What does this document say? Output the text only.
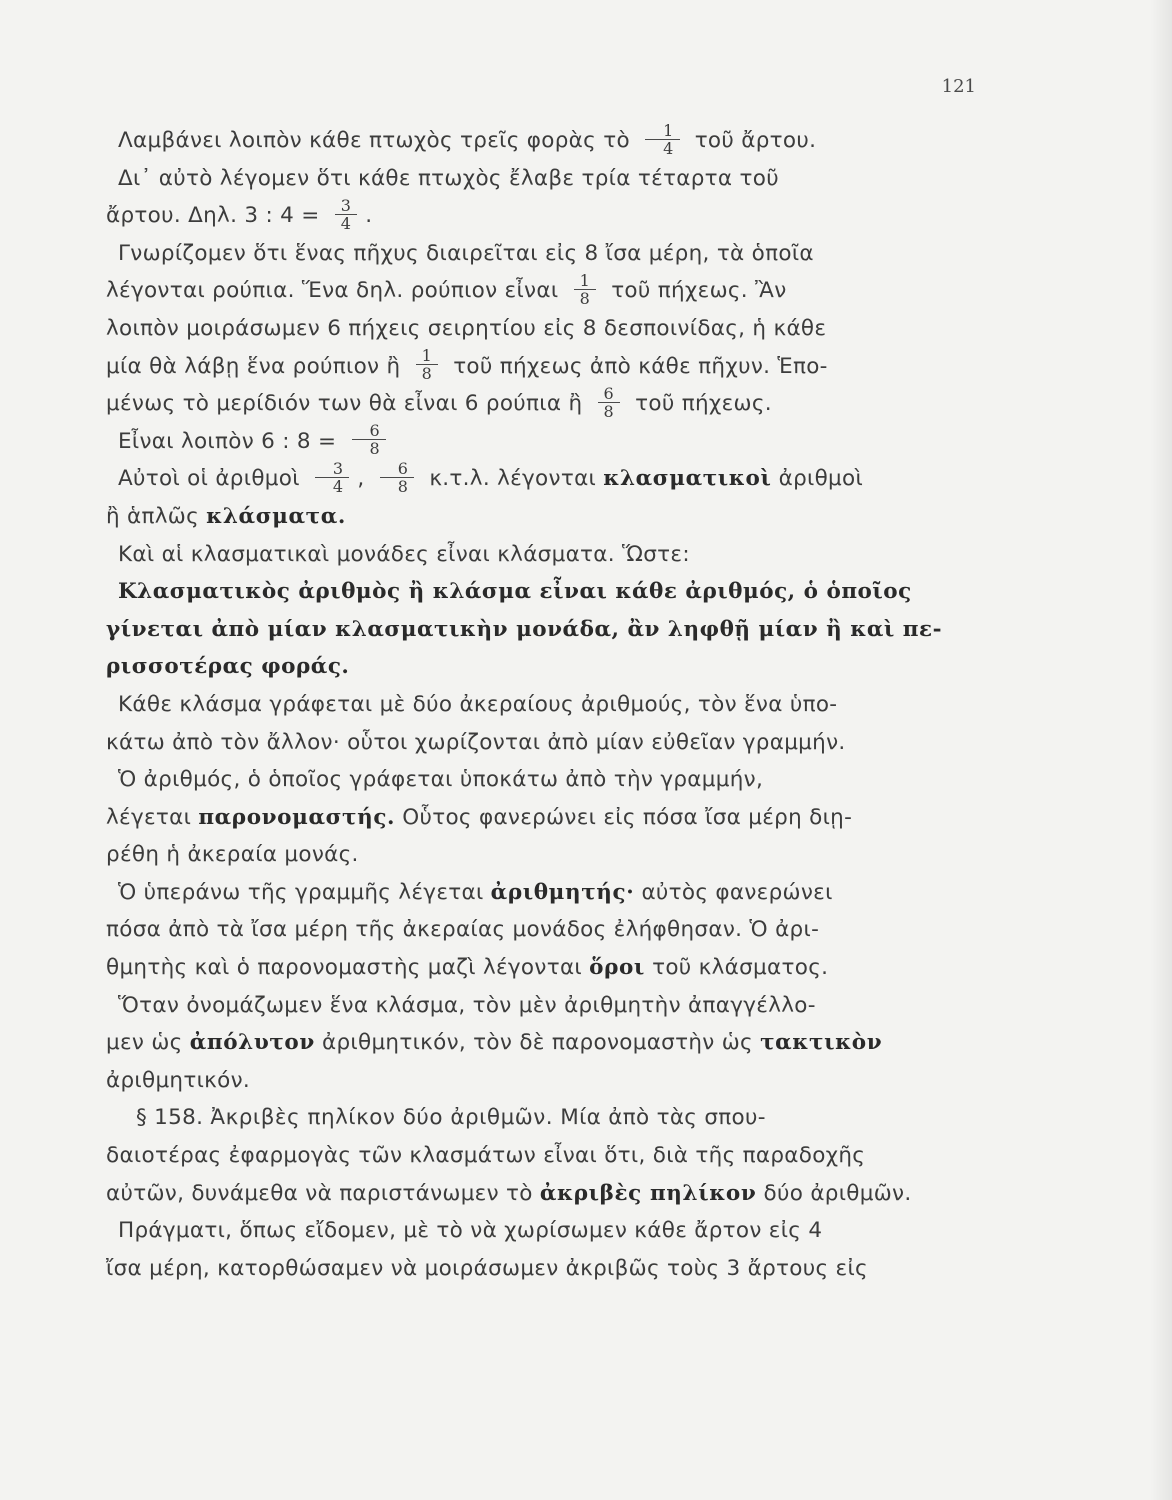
121

Λαμβάνει λοιπὸν κάθε πτωχὸς τρεῖς φορὰς τὸ $\frac{1}{4}$ τοῦ ἄρτου.

Δι᾽ αὐτὸ λέγομεν ὅτι κάθε πτωχὸς ἔλαβε τρία τέταρτα τοῦ

ἄρτου. Δηλ. 3 : $4 = \frac{3}{4}$ .

Γνωρίζομεν ὅτι ἕνας πῆχυς διαιρεῖται εἰς 8 ἴσα μέρη, τὰ ὁποῖα

λέγονται ρούπια. Ἕνα δηλ. ρούπιον εἶναι $\frac{1}{8}$ τοῦ πήχεως. Ἂν

λοιπὸν μοιράσωμεν 6 πήχεις σειρητίου εἰς 8 δεσποινίδας, ἡ κάθε

μία θὰ λάβῃ ἕνα ρούπιον ἢ $\frac{1}{8}$ τοῦ πήχεως ἀπὸ κάθε πῆχυν. Ἑπο-

μένως τὸ μερίδιόν των θὰ εἶναι 6 ρούπια ἢ $\frac{6}{8}$ τοῦ πήχεως.

Εἶναι λοιπὸν 6 : $8 = \frac{6}{8}$

Αὐτοὶ οἱ ἀριθμοὶ $\frac{3}{4}$ , $\frac{6}{8} \kappa.\tau.\lambda$. λέγονται κλασματικοὶ ἀριθμοὶ

ἢ ἁπλῶς κλάσματα.

Καὶ αἱ κλασματικαὶ μονάδες εἶναι κλάσματα. Ὥστε:

Κλασματικὸς ἀριθμὸς ἢ κλάσμα εἶναι κάθε ἀριθμός, ὁ ὁποῖος

γίνεται ἀπὸ μίαν κλασματικὴν μονάδα, ἂν ληφθῇ μίαν ἢ καὶ πε-

ρισσοτέρας φοράς.

Κάθε κλάσμα γράφεται μὲ δύο ἀκεραίους ἀριθμούς, τὸν ἕνα ὑπο-

κάτω ἀπὸ τὸν ἄλλον· οὗτοι χωρίζονται ἀπὸ μίαν εὐθεῖαν γραμμήν.

Ὁ ἀριθμός, ὁ ὁποῖος γράφεται ὑποκάτω ἀπὸ τὴν γραμμήν,

λέγεται παρονομαστής. Οὗτος φανερώνει εἰς πόσα ἴσα μέρη διῃ-

ρέθη ἡ ἀκεραία μονάς.

Ὁ ὑπεράνω τῆς γραμμῆς λέγεται ἀριθμητής· αὐτὸς φανερώνει

πόσα ἀπὸ τὰ ἴσα μέρη τῆς ἀκεραίας μονάδος ἐλήφθησαν. Ὁ ἀρι-

θμητὴς καὶ ὁ παρονομαστὴς μαζὶ λέγονται ὅροι τοῦ κλάσματος.

Ὅταν ὀνομάζωμεν ἕνα κλάσμα, τὸν μὲν ἀριθμητὴν ἀπαγγέλλο-

μεν ὡς ἀπόλυτον ἀριθμητικόν, τὸν δὲ παρονομαστὴν ὡς τακτικὸν

ἀριθμητικόν.

§ 158. Ἀκριβὲς πηλίκον δύο ἀριθμῶν. Μία ἀπὸ τὰς σπου-

δαιοτέρας ἐφαρμογὰς τῶν κλασμάτων εἶναι ὅτι, διὰ τῆς παραδοχῆς

αὐτῶν, δυνάμεθα νὰ παριστάνωμεν τὸ ἀκριβὲς πηλίκον δύο ἀριθμῶν.

Πράγματι, ὅπως εἴδομεν, μὲ τὸ νὰ χωρίσωμεν κάθε ἄρτον εἰς 4

ἴσα μέρη, κατορθώσαμεν νὰ μοιράσωμεν ἀκριβῶς τοὺς 3 ἄρτους εἰς
